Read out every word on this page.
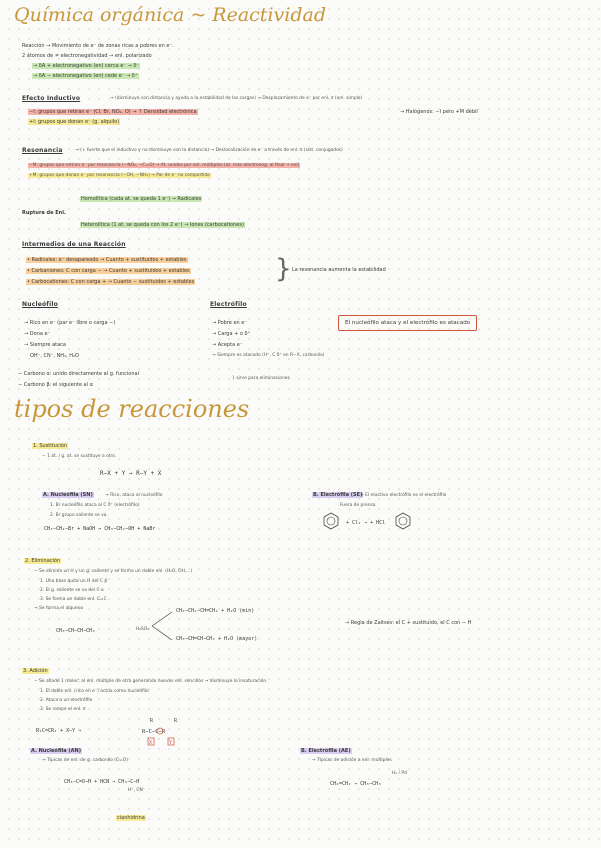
Química orgánica ~ Reactividad
Reacción → Movimiento de e⁻ de zonas ricas a pobres en e⁻.
2 átomos de ≠ electronegatividad → enl. polarizado
→ δA + electronegativo (en) cerca e⁻ → δ⁻
→ δA − electronegativo (en) cede e⁻ → δ⁺
Efecto Inductivo	→ (disminuye con distancia y ayuda a la estabilidad de las cargas) → Desplazamiento de e⁻ por enl. σ (enl. simple)
−I: grupos que retiran e⁻ (Cl, Br, NO₂, O) → ↑ Densidad electrónica	→ Halógenos: −I pero +M débil
+I: grupos que donan e⁻ (g. alquilo)
Resonancia	→ (+ fuerte que el inductivo y no disminuye con la distancia) → Deslocalización de e⁻ a través de enl. π (sist. conjugados)
−M: grupos que retiran e⁻ por resonancia (−NO₂, −C=O) → At. unidos por enl. múltiples (at. más electroneg. al final → enl)
+M: grupos que donan e⁻ por resonancia (−OH, −NH₂) → Par de e⁻ no compartido
Ruptura de Enl.
Homolítica (cada at. se queda 1 e⁻) → Radicales
Heterolítica (1 at. se queda con los 2 e⁻) → Iones (carbocationes)
Intermedios de una Reacción
• Radicales: e⁻ desapareado → Cuanto + sustituidos + estables
• Carbaniones: C con carga − → Cuanto + sustituidos + estables
• Carbocationes: C con carga + → Cuanto − sustituidos + estables	} La resonancia aumenta la estabilidad
Nucleófilo
→ Rico en e⁻ (par e⁻ libre o carga −)
→ Dona e⁻
→ Siempre ataca
OH⁻, CN⁻, NH₃, H₂O
Electrófilo
→ Pobre en e⁻
→ Carga + o δ⁺
→ Acepta e⁻
→ Siempre es atacado (H⁺, C δ⁺ en R−X, carbonilo)
El nucleófilo ataca y el electrófilo es atacado
− Carbono α: unido directamente al g. funcional
− Carbono β: el siguiente al α
} sirve para eliminaciones
tipos de reacciones
1. Sustitución
− 1 át. / g. at. se sustituye a otro.
R−X + Y → R−Y + X
A. Nucleófila (SN)	→ Rico, ataca al nucleófilo
1. Br nucleófilo ataca al C δ⁺ (electrófilo)
2. Br grupo saliente se va.
CH₃−CH₂−Br + NaOH → CH₃−CH₂−OH + NaBr
B. Electrófila (SE)
→ El reactivo electrófilo es el electrófilo
Fuera de prensa
+ Cl₂ → + HCl
2. Eliminación
− Se elimina un H y un g. saliente y se forma un doble enl. (H₂O, OH,...)
1. Una base quita un H del C β
2. El g. saliente se va del C α
3. Se forma un doble enl. C=C
→ Se forma el alqueno
CH₃−CH−CH−CH₃	H₂SO₄
CH₃−CH₂−CH=CH₂ + H₂O (min)
CH₃−CH=CH−CH₃ + H₂O (mayor)
→ Regla de Zaitsev: el C + sustituido, el C con − H
3. Adición
− Se añade 1 molec. al enl. múltiple de otra generando nuevos enl. sencillos → disminuye la insaturación
1. El doble enl. (rico en e⁻) actúa como nucleófilo
2. Ataca a un electrófilo
3. Se rompe el enl. π
R₂C=CR₂ + X−Y →
R	R
R−C−C−R
X	Y
A. Nucleófila (AN)
→ Típicas de enl. de g. carbonilo (C=O)
CH₃−C=O−H + HCN → CH₃−C−H
H⁺, CN⁻
cianhidrina
B. Electrófila (AE)
→ Típicas de adición a enl. múltiples
H₂ / Pd
CH₂=CH₂ → CH₃−CH₃
